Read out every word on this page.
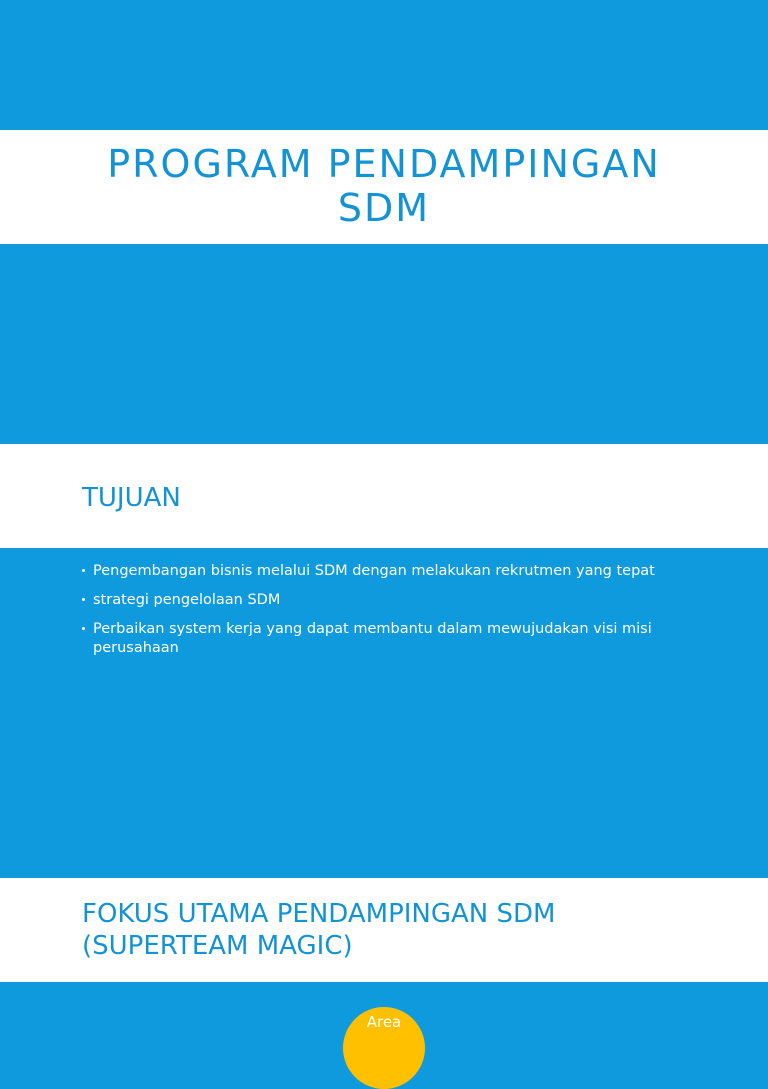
PROGRAM PENDAMPINGAN
SDM
TUJUAN
Pengembangan bisnis melalui SDM dengan melakukan rekrutmen yang tepat
strategi pengelolaan SDM
Perbaikan system kerja yang dapat membantu dalam mewujudakan visi misi perusahaan
FOKUS UTAMA PENDAMPINGAN SDM
(SUPERTEAM MAGIC)
Area
